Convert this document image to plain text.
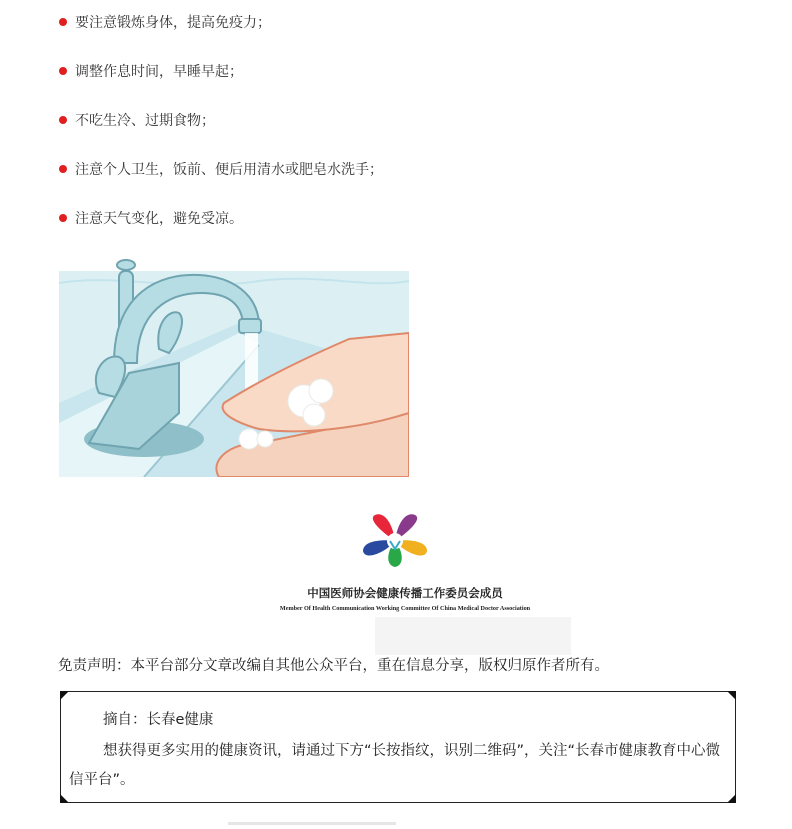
要注意锻炼身体，提高免疫力；
调整作息时间，早睡早起；
不吃生冷、过期食物；
注意个人卫生，饭前、便后用清水或肥皂水洗手；
注意天气变化，避免受凉。
中国医师协会健康传播工作委员会成员
Member Of Health Communication Working Committee Of China Medical Doctor Association
免责声明：本平台部分文章改编自其他公众平台，重在信息分享，版权归原作者所有。
摘自：长春e健康
想获得更多实用的健康资讯，请通过下方“长按指纹，识别二维码”，关注“长春市健康教育中心微信平台”。
